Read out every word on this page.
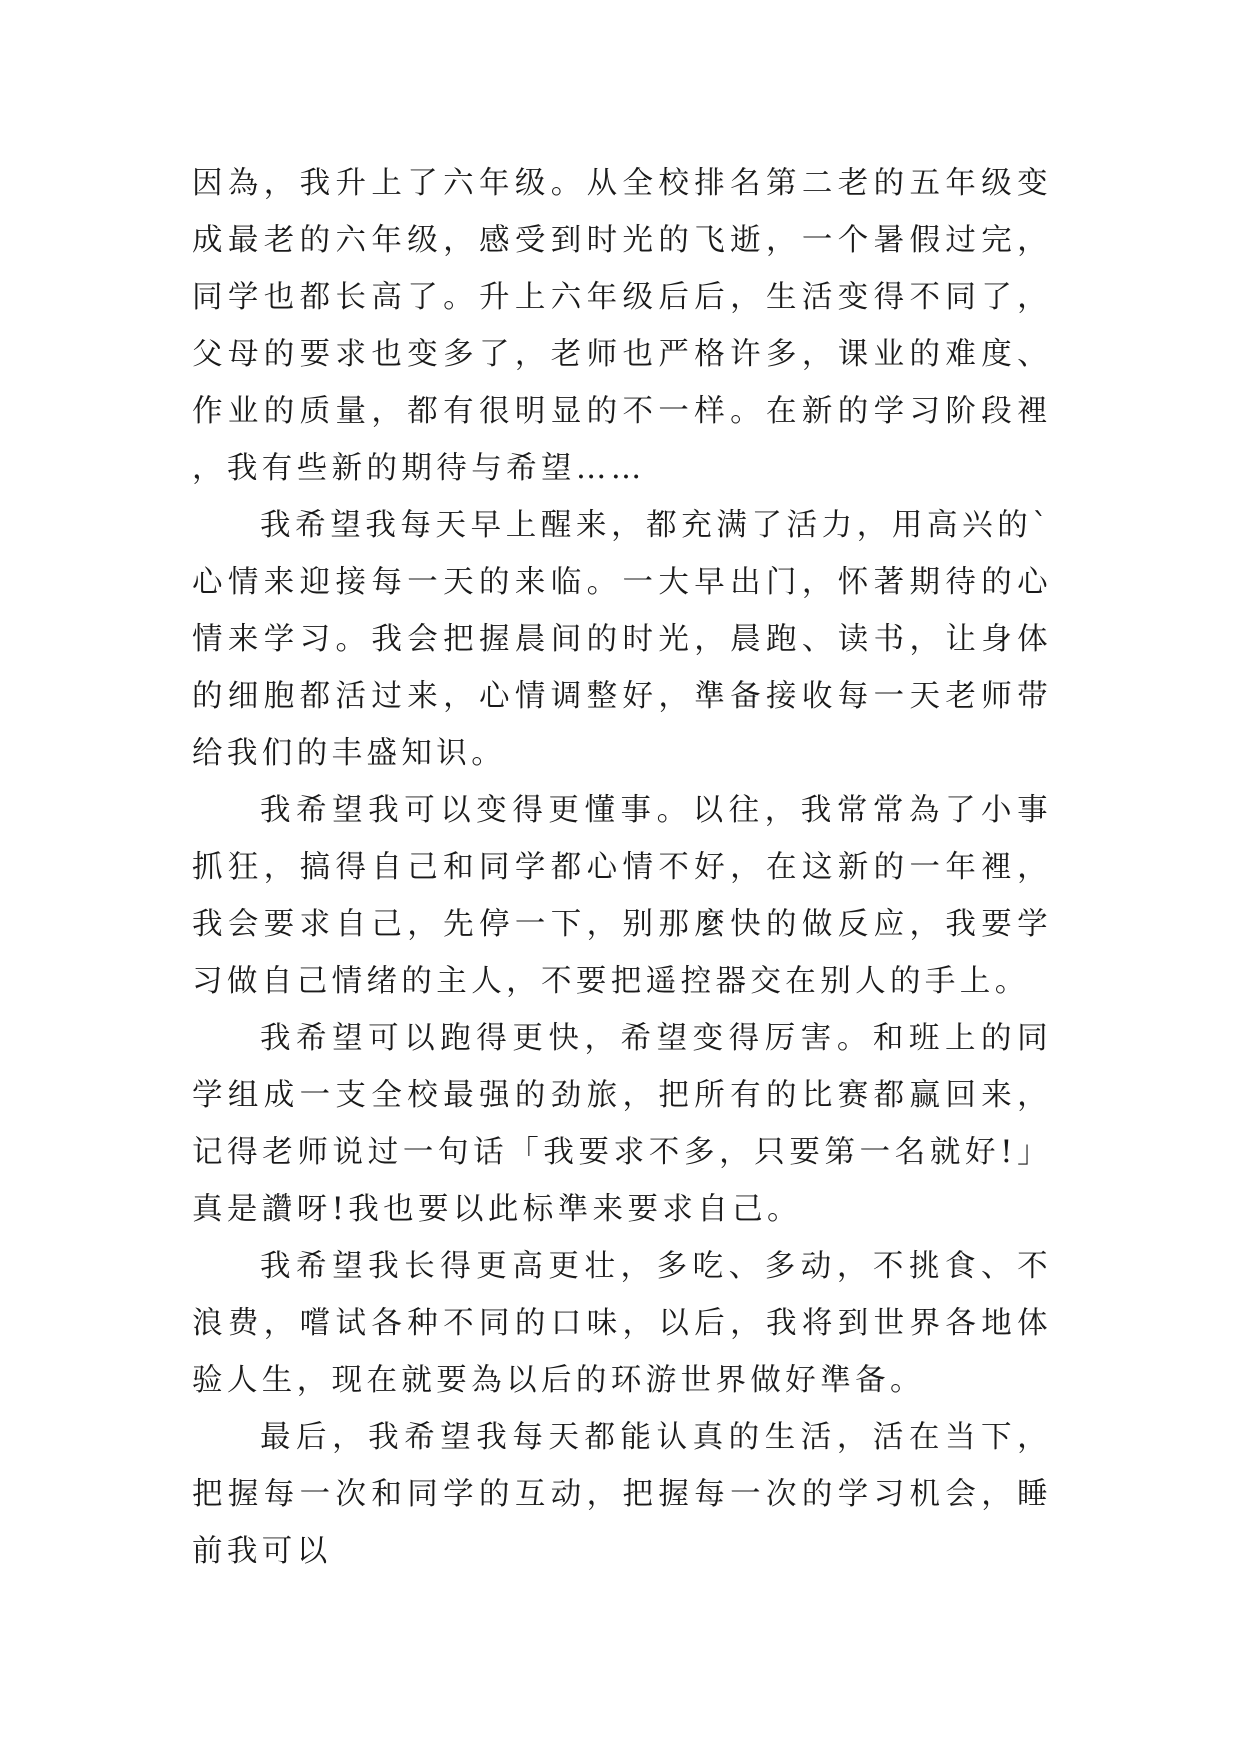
因為，我升上了六年级。从全校排名第二老的五年级变成最老的六年级，感受到时光的飞逝，一个暑假过完，同学也都长高了。升上六年级后后，生活变得不同了，父母的要求也变多了，老师也严格许多，课业的难度、作业的质量，都有很明显的不一样。在新的学习阶段裡，我有些新的期待与希望……

我希望我每天早上醒来，都充满了活力，用高兴的`心情来迎接每一天的来临。一大早出门，怀著期待的心情来学习。我会把握晨间的时光，晨跑、读书，让身体的细胞都活过来，心情调整好，準备接收每一天老师带给我们的丰盛知识。

我希望我可以变得更懂事。以往，我常常為了小事抓狂，搞得自己和同学都心情不好，在这新的一年裡，我会要求自己，先停一下，别那麼快的做反应，我要学习做自己情绪的主人，不要把遥控器交在别人的手上。

我希望可以跑得更快，希望变得厉害。和班上的同学组成一支全校最强的劲旅，把所有的比赛都赢回来，记得老师说过一句话「我要求不多，只要第一名就好!」真是讚呀!我也要以此标準来要求自己。

我希望我长得更高更壮，多吃、多动，不挑食、不浪费，嚐试各种不同的口味，以后，我将到世界各地体验人生，现在就要為以后的环游世界做好準备。

最后，我希望我每天都能认真的生活，活在当下，把握每一次和同学的互动，把握每一次的学习机会，睡前我可以
